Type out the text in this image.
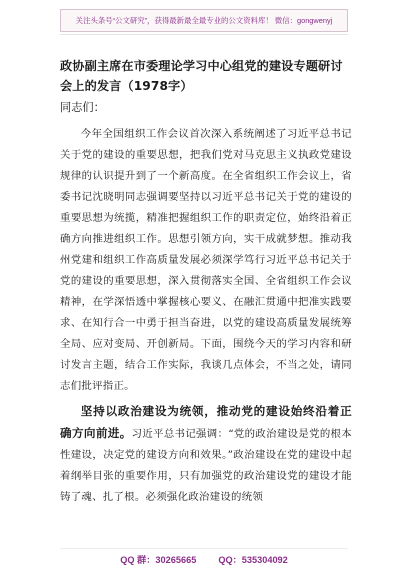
关注头条号“公文研究”，获得最新最全最专业的公文资料库！ 微信：gongwenyj
政协副主席在市委理论学习中心组党的建设专题研讨会上的发言（1978字）

同志们：

今年全国组织工作会议首次深入系统阐述了习近平总书记关于党的建设的重要思想，把我们党对马克思主义执政党建设规律的认识提升到了一个新高度。在全省组织工作会议上，省委书记沈晓明同志强调要坚持以习近平总书记关于党的建设的重要思想为统揽，精准把握组织工作的职责定位，始终沿着正确方向推进组织工作。思想引领方向，实干成就梦想。推动我州党建和组织工作高质量发展必须深学笃行习近平总书记关于党的建设的重要思想，深入贯彻落实全国、全省组织工作会议精神，在学深悟透中掌握核心要义、在融汇贯通中把准实践要求、在知行合一中勇于担当奋进，以党的建设高质量发展统筹全局、应对变局、开创新局。下面，围绕今天的学习内容和研讨发言主题，结合工作实际，我谈几点体会，不当之处，请同志们批评指正。

坚持以政治建设为统领，推动党的建设始终沿着正确方向前进。习近平总书记强调：“党的政治建设是党的根本性建设，决定党的建设方向和效果。”政治建设在党的建设中起着纲举目张的重要作用，只有加强党的政治建设党的建设才能铸了魂、扎了根。必须强化政治建设的统领

QQ 群：30265665 QQ：535304092
